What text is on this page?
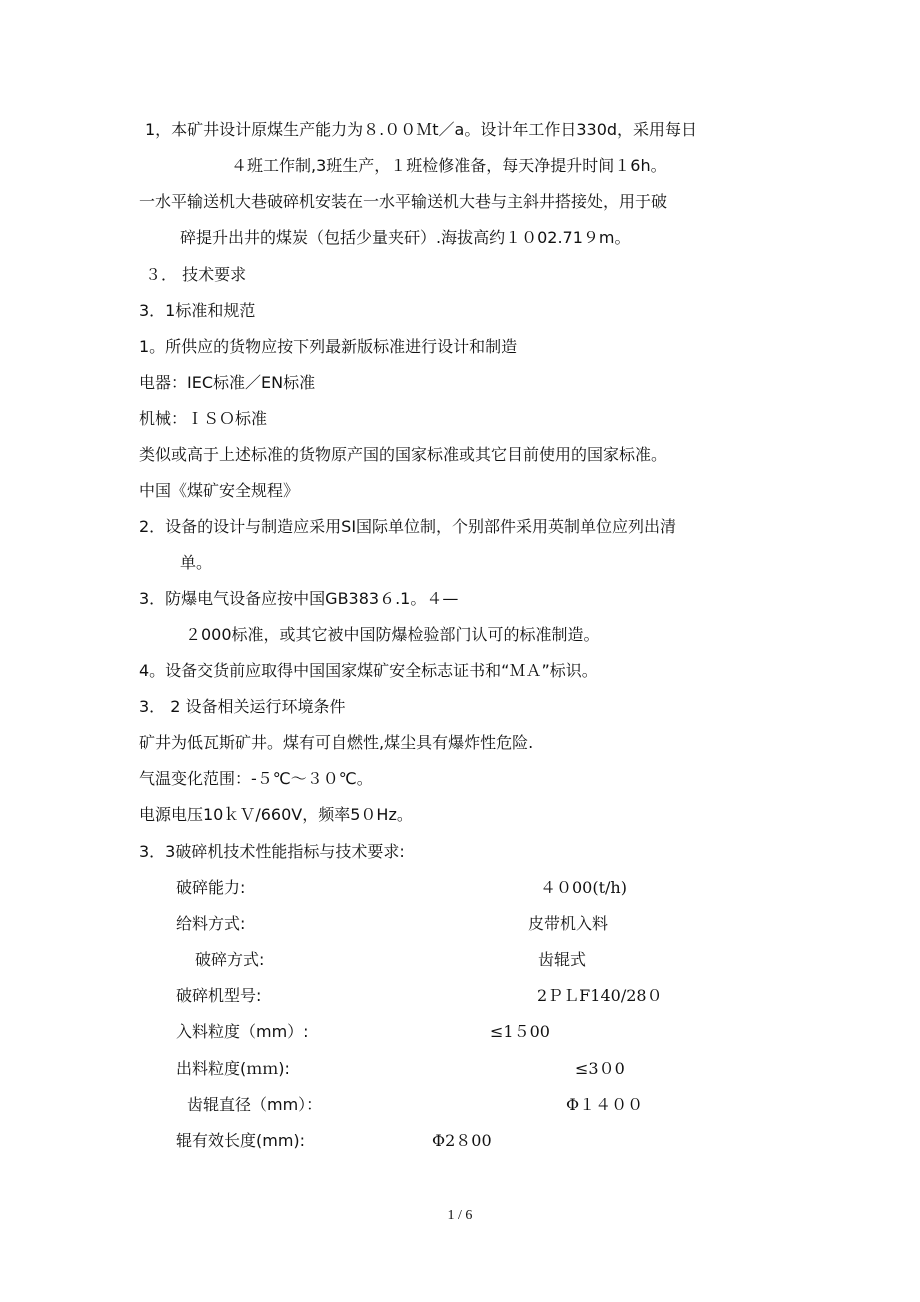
1，本矿井设计原煤生产能力为８.００Ｍt／a。设计年工作日330d，采用每日
４班工作制,3班生产，１班检修准备，每天净提升时间１6h。
一水平输送机大巷破碎机安装在一水平输送机大巷与主斜井搭接处，用于破
碎提升出井的煤炭（包括少量夹矸）.海拔高约１０02.71９m。
３． 技术要求
3．1标准和规范
1。所供应的货物应按下列最新版标准进行设计和制造
电器：IEC标准／EN标准
机械：ＩＳＯ标准
类似或高于上述标准的货物原产国的国家标准或其它目前使用的国家标准。
中国《煤矿安全规程》
2．设备的设计与制造应采用SI国际单位制，个别部件采用英制单位应列出清
单。
3．防爆电气设备应按中国GB383６.1。４—
２000标准，或其它被中国防爆检验部门认可的标准制造。
4。设备交货前应取得中国国家煤矿安全标志证书和“ＭＡ”标识。
3． 2 设备相关运行环境条件
矿井为低瓦斯矿井。煤有可自燃性,煤尘具有爆炸性危险.
气温变化范围：-５℃～３０℃。
电源电压10ｋＶ/660V，频率5０Hz。
3．3破碎机技术性能指标与技术要求:
破碎能力:	４０00(t/h)
给料方式:	皮带机入料
破碎方式:	齿辊式
破碎机型号:	2ＰＬF140/28０
入料粒度（mm）:	≤1５00
出料粒度(ｍｍ):	≤3０0
齿辊直径（mm）：	Φ１４００
辊有效长度(mm):	Φ2８00
1 / 6
